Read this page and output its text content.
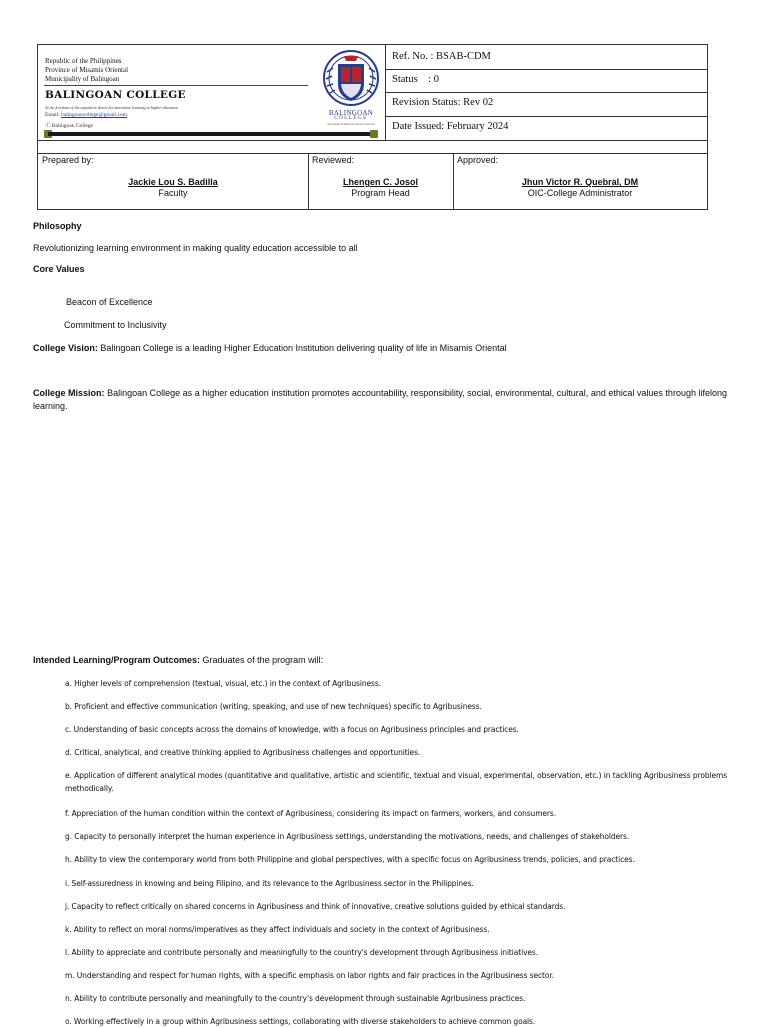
Republic of the Philippines
Province of Misamis Oriental
Municipality of Balingoan
BALINGOAN COLLEGE
At the forefront of the inquisitive desire for innovative learning in higher education
Email: balingoancollege@gmail.com
ⓕ Balingoan College
BALINGOAN
COLLEGE
Municipality of Balingoan Misamis Oriental
Ref. No. : BSAB-CDM
Status    : 0
Revision Status: Rev 02
Date Issued: February 2024
Prepared by:
Jackie Lou S. Badilla
Faculty
Reviewed:
Lhengen C. Josol
Program Head
Approved:
Jhun Victor R. Quebral, DM
OIC-College Administrator
Philosophy
Revolutionizing learning environment in making quality education accessible to all
Core Values
Beacon of Excellence
Commitment to Inclusivity
College Vision: Balingoan College is a leading Higher Education Institution delivering quality of life in Misamis Oriental
College Mission: Balingoan College as a higher education institution promotes accountability, responsibility, social, environmental, cultural, and ethical values through lifelong learning.
Intended Learning/Program Outcomes: Graduates of the program will:
a. Higher levels of comprehension (textual, visual, etc.) in the context of Agribusiness.
b. Proficient and effective communication (writing, speaking, and use of new techniques) specific to Agribusiness.
c. Understanding of basic concepts across the domains of knowledge, with a focus on Agribusiness principles and practices.
d. Critical, analytical, and creative thinking applied to Agribusiness challenges and opportunities.
e. Application of different analytical modes (quantitative and qualitative, artistic and scientific, textual and visual, experimental, observation, etc.) in tackling Agribusiness problems methodically.
f. Appreciation of the human condition within the context of Agribusiness, considering its impact on farmers, workers, and consumers.
g. Capacity to personally interpret the human experience in Agribusiness settings, understanding the motivations, needs, and challenges of stakeholders.
h. Ability to view the contemporary world from both Philippine and global perspectives, with a specific focus on Agribusiness trends, policies, and practices.
i. Self-assuredness in knowing and being Filipino, and its relevance to the Agribusiness sector in the Philippines.
j. Capacity to reflect critically on shared concerns in Agribusiness and think of innovative, creative solutions guided by ethical standards.
k. Ability to reflect on moral norms/imperatives as they affect individuals and society in the context of Agribusiness.
l. Ability to appreciate and contribute personally and meaningfully to the country's development through Agribusiness initiatives.
m. Understanding and respect for human rights, with a specific emphasis on labor rights and fair practices in the Agribusiness sector.
n. Ability to contribute personally and meaningfully to the country's development through sustainable Agribusiness practices.
o. Working effectively in a group within Agribusiness settings, collaborating with diverse stakeholders to achieve common goals.
